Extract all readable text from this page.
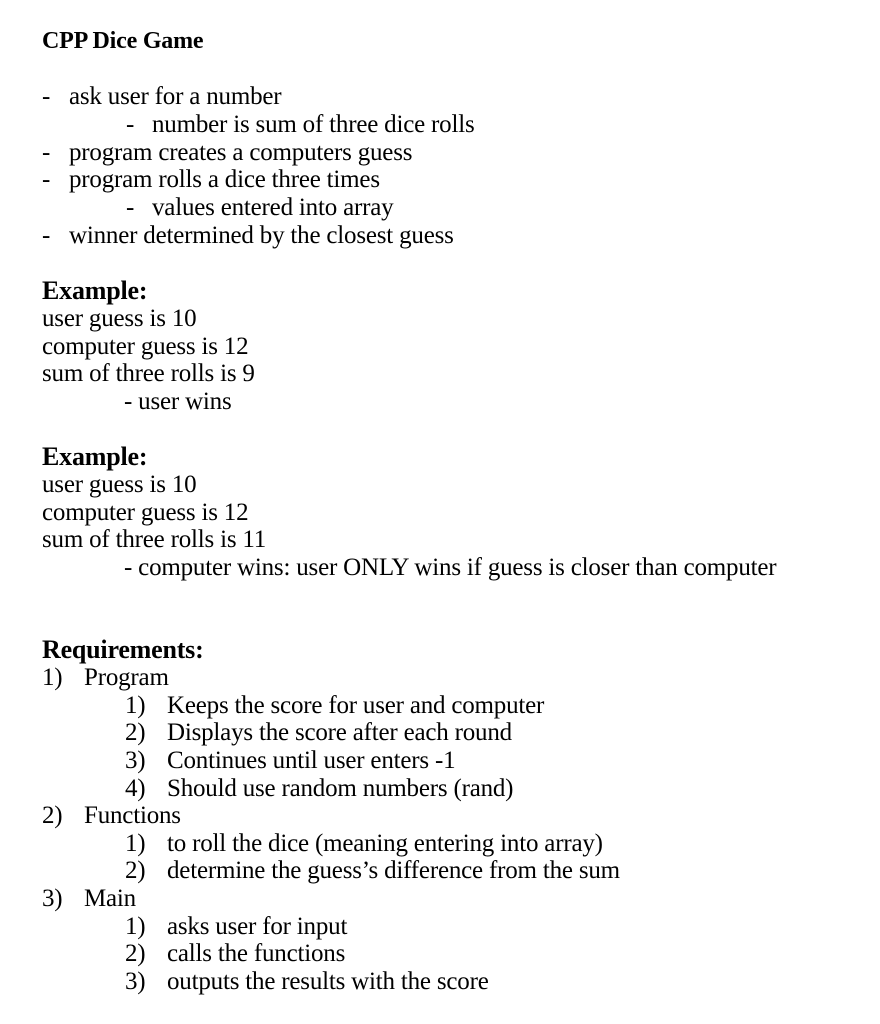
CPP Dice Game
- ask user for a number
- number is sum of three dice rolls
- program creates a computers guess
- program rolls a dice three times
- values entered into array
- winner determined by the closest guess
Example:
user guess is 10
computer guess is 12
sum of three rolls is 9
- user wins
Example:
user guess is 10
computer guess is 12
sum of three rolls is 11
- computer wins: user ONLY wins if guess is closer than computer
Requirements:
1) Program
1) Keeps the score for user and computer
2) Displays the score after each round
3) Continues until user enters -1
4) Should use random numbers (rand)
2) Functions
1) to roll the dice (meaning entering into array)
2) determine the guess’s difference from the sum
3) Main
1) asks user for input
2) calls the functions
3) outputs the results with the score
